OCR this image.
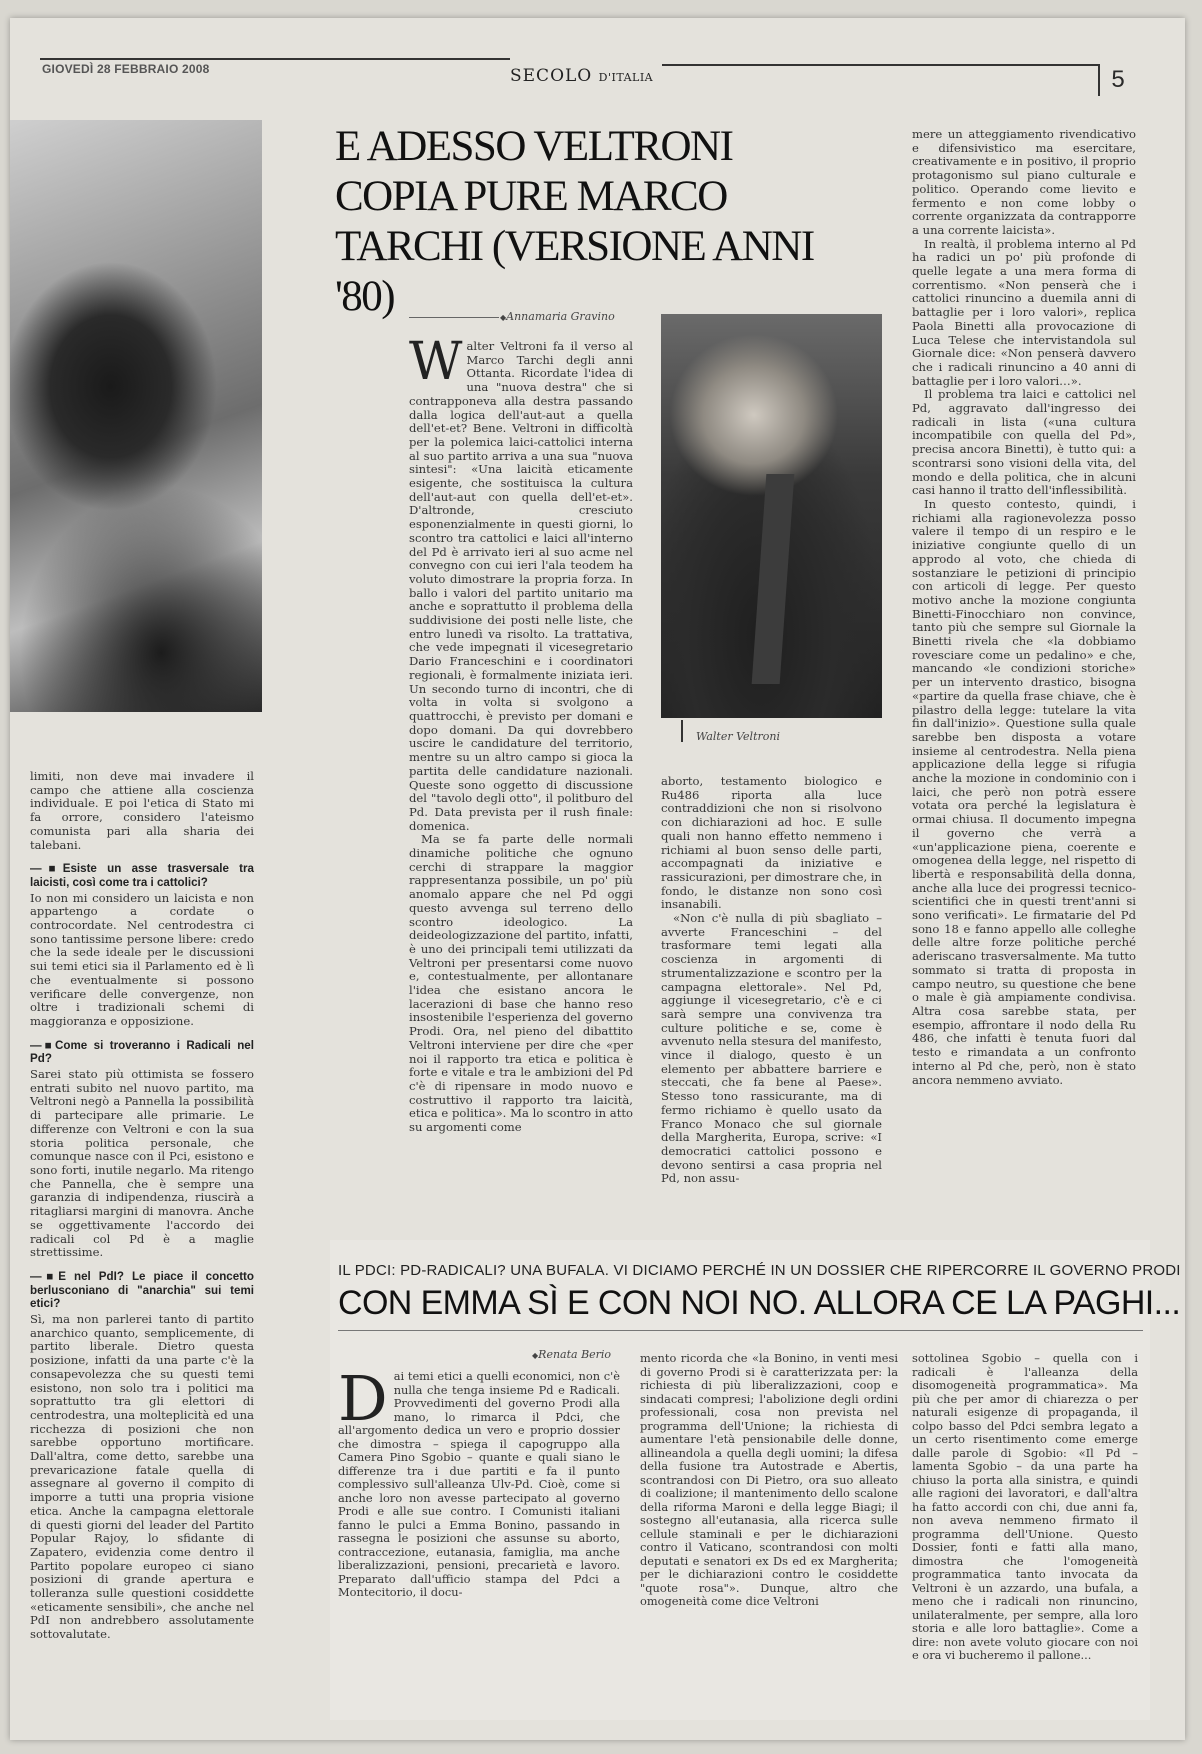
GIOVEDÌ 28 FEBBRAIO 2008	SECOLO D'ITALIA	5
Walter Veltroni
E ADESSO VELTRONI COPIA PURE MARCO TARCHI (VERSIONE ANNI '80)	◆ Annamaria Gravino
W alter Veltroni fa il verso al Marco Tarchi degli anni Ottanta. Ricordate l'idea di una "nuova destra" che si contrapponeva alla destra passando dalla logica dell'aut-aut a quella dell'et-et? Bene. Veltroni in difficoltà per la polemica laici-cattolici interna al suo partito arriva a una sua "nuova sintesi": «Una laicità eticamente esigente, che sostituisca la cultura dell'aut-aut con quella dell'et-et». D'altronde, cresciuto esponenzialmente in questi giorni, lo scontro tra cattolici e laici all'interno del Pd è arrivato ieri al suo acme nel convegno con cui ieri l'ala teodem ha voluto dimostrare la propria forza. In ballo i valori del partito unitario ma anche e soprattutto il problema della suddivisione dei posti nelle liste, che entro lunedì va risolto. La trattativa, che vede impegnati il vicesegretario Dario Franceschini e i coordinatori regionali, è formalmente iniziata ieri. Un secondo turno di incontri, che di volta in volta si svolgono a quattrocchi, è previsto per domani e dopo domani. Da qui dovrebbero uscire le candidature del territorio, mentre su un altro campo si gioca la partita delle candidature nazionali. Queste sono oggetto di discussione del "tavolo degli otto", il politburo del Pd. Data prevista per il rush finale: domenica.

Ma se fa parte delle normali dinamiche politiche che ognuno cerchi di strappare la maggior rappresentanza possibile, un po' più anomalo appare che nel Pd oggi questo avvenga sul terreno dello scontro ideologico. La deideologizzazione del partito, infatti, è uno dei principali temi utilizzati da Veltroni per presentarsi come nuovo e, contestualmente, per allontanare l'idea che esistano ancora le lacerazioni di base che hanno reso insostenibile l'esperienza del governo Prodi. Ora, nel pieno del dibattito Veltroni interviene per dire che «per noi il rapporto tra etica e politica è forte e vitale e tra le ambizioni del Pd c'è di ripensare in modo nuovo e costruttivo il rapporto tra laicità, etica e politica». Ma lo scontro in atto su argomenti come

aborto, testamento biologico e Ru486 riporta alla luce contraddizioni che non si risolvono con dichiarazioni ad hoc. E sulle quali non hanno effetto nemmeno i richiami al buon senso delle parti, accompagnati da iniziative e rassicurazioni, per dimostrare che, in fondo, le distanze non sono così insanabili.

«Non c'è nulla di più sbagliato – avverte Franceschini – del trasformare temi legati alla coscienza in argomenti di strumentalizzazione e scontro per la campagna elettorale». Nel Pd, aggiunge il vicesegretario, c'è e ci sarà sempre una convivenza tra culture politiche e se, come è avvenuto nella stesura del manifesto, vince il dialogo, questo è un elemento per abbattere barriere e steccati, che fa bene al Paese». Stesso tono rassicurante, ma di fermo richiamo è quello usato da Franco Monaco che sul giornale della Margherita, Europa, scrive: «I democratici cattolici possono e devono sentirsi a casa propria nel Pd, non assu-

mere un atteggiamento rivendicativo e difensivistico ma esercitare, creativamente e in positivo, il proprio protagonismo sul piano culturale e politico. Operando come lievito e fermento e non come lobby o corrente organizzata da contrapporre a una corrente laicista».

In realtà, il problema interno al Pd ha radici un po' più profonde di quelle legate a una mera forma di correntismo. «Non penserà che i cattolici rinuncino a duemila anni di battaglie per i loro valori», replica Paola Binetti alla provocazione di Luca Telese che intervistandola sul Giornale dice: «Non penserà davvero che i radicali rinuncino a 40 anni di battaglie per i loro valori…».

Il problema tra laici e cattolici nel Pd, aggravato dall'ingresso dei radicali in lista («una cultura incompatibile con quella del Pd», precisa ancora Binetti), è tutto qui: a scontrarsi sono visioni della vita, del mondo e della politica, che in alcuni casi hanno il tratto dell'inflessibilità.

In questo contesto, quindi, i richiami alla ragionevolezza posso valere il tempo di un respiro e le iniziative congiunte quello di un approdo al voto, che chieda di sostanziare le petizioni di principio con articoli di legge. Per questo motivo anche la mozione congiunta Binetti-Finocchiaro non convince, tanto più che sempre sul Giornale la Binetti rivela che «la dobbiamo rovesciare come un pedalino» e che, mancando «le condizioni storiche» per un intervento drastico, bisogna «partire da quella frase chiave, che è pilastro della legge: tutelare la vita fin dall'inizio». Questione sulla quale sarebbe ben disposta a votare insieme al centrodestra. Nella piena applicazione della legge si rifugia anche la mozione in condominio con i laici, che però non potrà essere votata ora perché la legislatura è ormai chiusa. Il documento impegna il governo che verrà a «un'applicazione piena, coerente e omogenea della legge, nel rispetto di libertà e responsabilità della donna, anche alla luce dei progressi tecnico-scientifici che in questi trent'anni si sono verificati». Le firmatarie del Pd sono 18 e fanno appello alle colleghe delle altre forze politiche perché aderiscano trasversalmente. Ma tutto sommato si tratta di proposta in campo neutro, su questione che bene o male è già ampiamente condivisa. Altra cosa sarebbe stata, per esempio, affrontare il nodo della Ru 486, che infatti è tenuta fuori dal testo e rimandata a un confronto interno al Pd che, però, non è stato ancora nemmeno avviato.

limiti, non deve mai invadere il campo che attiene alla coscienza individuale. E poi l'etica di Stato mi fa orrore, considero l'ateismo comunista pari alla sharia dei talebani.

—■ Esiste un asse trasversale tra laicisti, così come tra i cattolici?

Io non mi considero un laicista e non appartengo a cordate o controcordate. Nel centrodestra ci sono tantissime persone libere: credo che la sede ideale per le discussioni sui temi etici sia il Parlamento ed è lì che eventualmente si possono verificare delle convergenze, non oltre i tradizionali schemi di maggioranza e opposizione.

—■ Come si troveranno i Radicali nel Pd?

Sarei stato più ottimista se fossero entrati subito nel nuovo partito, ma Veltroni negò a Pannella la possibilità di partecipare alle primarie. Le differenze con Veltroni e con la sua storia politica personale, che comunque nasce con il Pci, esistono e sono forti, inutile negarlo. Ma ritengo che Pannella, che è sempre una garanzia di indipendenza, riuscirà a ritagliarsi margini di manovra. Anche se oggettivamente l'accordo dei radicali col Pd è a maglie strettissime.

—■ E nel PdI? Le piace il concetto berlusconiano di "anarchia" sui temi etici?

Sì, ma non parlerei tanto di partito anarchico quanto, semplicemente, di partito liberale. Dietro questa posizione, infatti da una parte c'è la consapevolezza che su questi temi esistono, non solo tra i politici ma soprattutto tra gli elettori di centrodestra, una molteplicità ed una ricchezza di posizioni che non sarebbe opportuno mortificare. Dall'altra, come detto, sarebbe una prevaricazione fatale quella di assegnare al governo il compito di imporre a tutti una propria visione etica. Anche la campagna elettorale di questi giorni del leader del Partito Popular Rajoy, lo sfidante di Zapatero, evidenzia come dentro il Partito popolare europeo ci siano posizioni di grande apertura e tolleranza sulle questioni cosiddette «eticamente sensibili», che anche nel PdI non andrebbero assolutamente sottovalutate.

IL PDCI: PD-RADICALI? UNA BUFALA. VI DICIAMO PERCHÉ IN UN DOSSIER CHE RIPERCORRE IL GOVERNO PRODI
CON EMMA SÌ E CON NOI NO. ALLORA CE LA PAGHI...
◆ Renata Berio
D ai temi etici a quelli economici, non c'è nulla che tenga insieme Pd e Radicali. Provvedimenti del governo Prodi alla mano, lo rimarca il Pdci, che all'argomento dedica un vero e proprio dossier che dimostra – spiega il capogruppo alla Camera Pino Sgobio – quante e quali siano le differenze tra i due partiti e fa il punto complessivo sull'alleanza Ulv-Pd. Cioè, come si anche loro non avesse partecipato al governo Prodi e alle sue contro. I Comunisti italiani fanno le pulci a Emma Bonino, passando in rassegna le posizioni che assunse su aborto, contraccezione, eutanasia, famiglia, ma anche liberalizzazioni, pensioni, precarietà e lavoro. Preparato dall'ufficio stampa del Pdci a Montecitorio, il docu-

mento ricorda che «la Bonino, in venti mesi di governo Prodi si è caratterizzata per: la richiesta di più liberalizzazioni, coop e sindacati compresi; l'abolizione degli ordini professionali, cosa non prevista nel programma dell'Unione; la richiesta di aumentare l'età pensionabile delle donne, allineandola a quella degli uomini; la difesa della fusione tra Autostrade e Abertis, scontrandosi con Di Pietro, ora suo alleato di coalizione; il mantenimento dello scalone della riforma Maroni e della legge Biagi; il sostegno all'eutanasia, alla ricerca sulle cellule staminali e per le dichiarazioni contro il Vaticano, scontrandosi con molti deputati e senatori ex Ds ed ex Margherita; per le dichiarazioni contro le cosiddette "quote rosa"». Dunque, altro che omogeneità come dice Veltroni

sottolinea Sgobio – quella con i radicali è l'alleanza della disomogeneità programmatica». Ma più che per amor di chiarezza o per naturali esigenze di propaganda, il colpo basso del Pdci sembra legato a un certo risentimento come emerge dalle parole di Sgobio: «Il Pd – lamenta Sgobio – da una parte ha chiuso la porta alla sinistra, e quindi alle ragioni dei lavoratori, e dall'altra ha fatto accordi con chi, due anni fa, non aveva nemmeno firmato il programma dell'Unione. Questo Dossier, fonti e fatti alla mano, dimostra che l'omogeneità programmatica tanto invocata da Veltroni è un azzardo, una bufala, a meno che i radicali non rinuncino, unilateralmente, per sempre, alla loro storia e alle loro battaglie». Come a dire: non avete voluto giocare con noi e ora vi bucheremo il pallone...
